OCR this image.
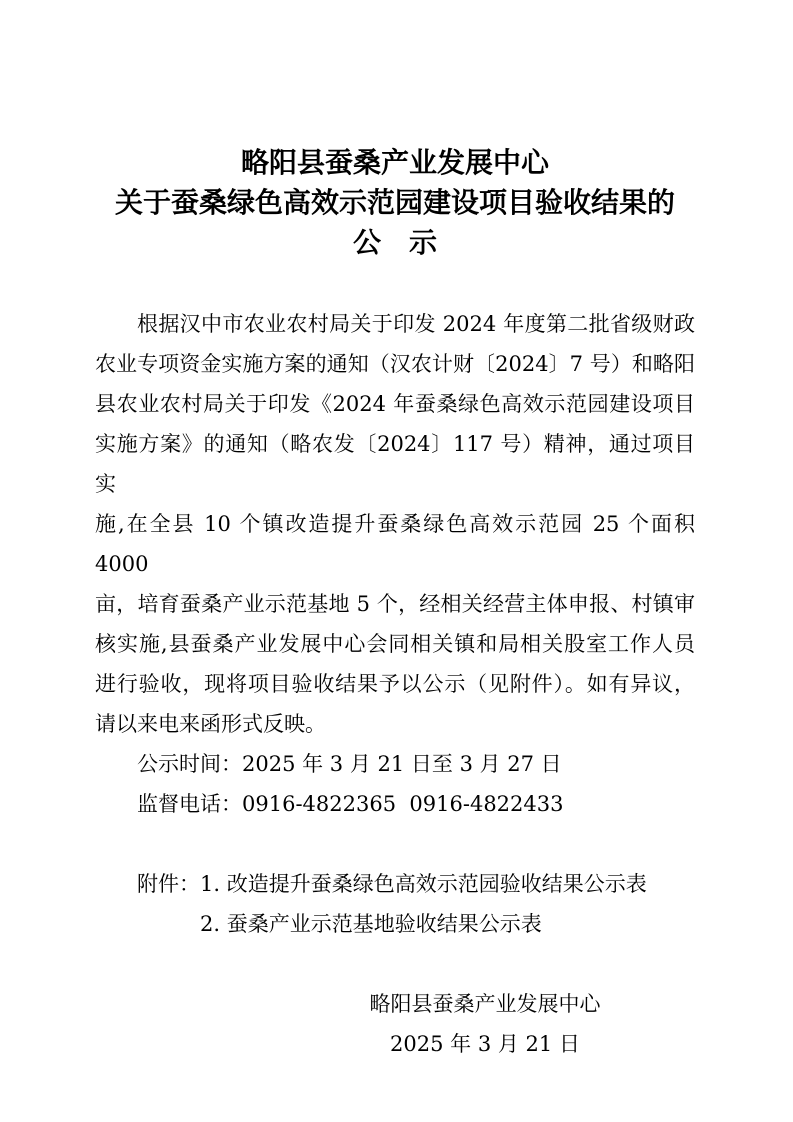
略阳县蚕桑产业发展中心
关于蚕桑绿色高效示范园建设项目验收结果的
公　示
根据汉中市农业农村局关于印发 2024 年度第二批省级财政
农业专项资金实施方案的通知（汉农计财〔2024〕7 号）和略阳
县农业农村局关于印发《2024 年蚕桑绿色高效示范园建设项目
实施方案》的通知（略农发〔2024〕117 号）精神，通过项目实
施,在全县 10 个镇改造提升蚕桑绿色高效示范园 25 个面积 4000
亩，培育蚕桑产业示范基地 5 个，经相关经营主体申报、村镇审
核实施,县蚕桑产业发展中心会同相关镇和局相关股室工作人员
进行验收，现将项目验收结果予以公示（见附件）。如有异议，
请以来电来函形式反映。
公示时间：2025 年 3 月 21 日至 3 月 27 日
监督电话：0916-4822365  0916-4822433
附件：1. 改造提升蚕桑绿色高效示范园验收结果公示表
2. 蚕桑产业示范基地验收结果公示表
略阳县蚕桑产业发展中心
2025 年 3 月 21 日
